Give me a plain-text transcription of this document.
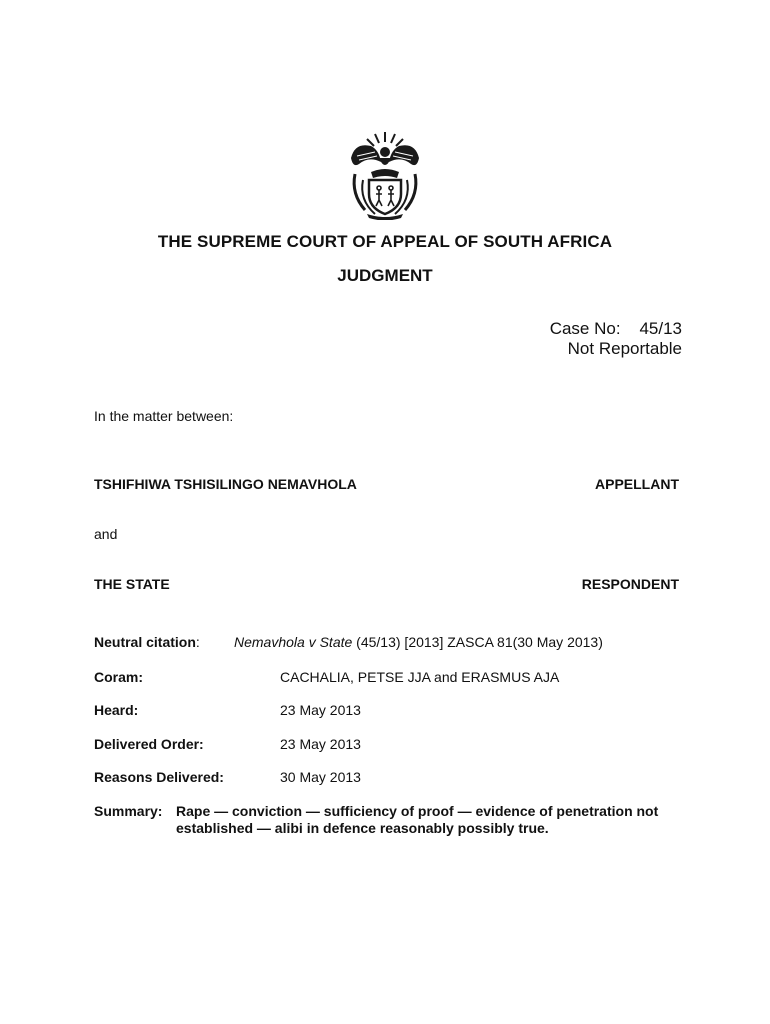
THE SUPREME COURT OF APPEAL OF SOUTH AFRICA
JUDGMENT
Case No:    45/13
Not Reportable
In the matter between:
TSHIFHIWA TSHISILINGO NEMAVHOLA	APPELLANT
and
THE STATE	RESPONDENT
Neutral citation: Nemavhola v State (45/13) [2013] ZASCA 81(30 May 2013)
Coram:	CACHALIA, PETSE JJA and ERASMUS AJA
Heard:	23 May 2013
Delivered Order:	23 May 2013
Reasons Delivered:	30 May 2013
Summary: Rape — conviction — sufficiency of proof — evidence of penetration not established — alibi in defence reasonably possibly true.
